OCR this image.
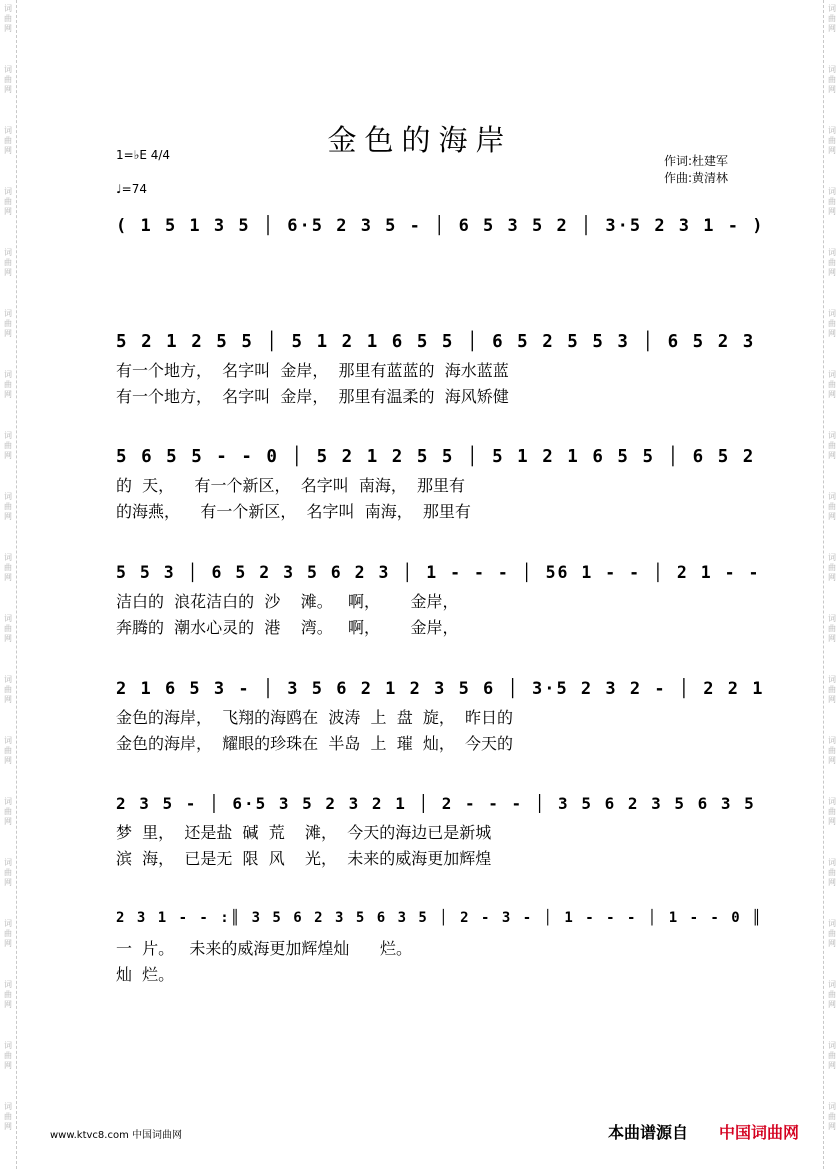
词曲网
词曲网
词曲网
词曲网
词曲网
词曲网
词曲网
词曲网
词曲网
词曲网
词曲网
词曲网
词曲网
词曲网
词曲网
词曲网
词曲网
词曲网
词曲网
词曲网
词曲网
词曲网
词曲网
词曲网
词曲网
词曲网
词曲网
词曲网
词曲网
词曲网
词曲网
词曲网
词曲网
词曲网
词曲网
词曲网
词曲网
词曲网
金色的海岸
1=♭E 4/4
♩=74
作词:杜建军
作曲:黄清林
( 1 5 1 3 5 │ 6·5 2 3 5 - │ 6 5 3 5 2 │ 3·5 2 3 1 - )
5 2 1 2 5 5 │ 5 1 2 1 6 5 5 │ 6 5 2 5 5 3 │ 6 5 2 3
有一个地方，  名字叫  金岸，  那里有蓝蓝的  海水蓝蓝
有一个地方，  名字叫  金岸，  那里有温柔的  海风矫健
5 6 5 5 - - 0 │ 5 2 1 2 5 5 │ 5 1 2 1 6 5 5 │ 6 5 2
的  天，    有一个新区，  名字叫  南海，  那里有
的海燕，    有一个新区，  名字叫  南海，  那里有
5 5 3 │ 6 5 2 3 5 6 2 3 │ 1 - - - │ 56 1 - - │ 2 1 - -
洁白的  浪花洁白的  沙    滩。   啊，      金岸，
奔腾的  潮水心灵的  港    湾。   啊，      金岸，
2 1 6 5 3 - │ 3 5 6 2 1 2 3 5 6 │ 3·5 2 3 2 - │ 2 2 1
金色的海岸，  飞翔的海鸥在  波涛  上  盘  旋，  昨日的
金色的海岸，  耀眼的珍珠在  半岛  上  璀  灿，  今天的
2 3 5 - │ 6·5 3 5 2 3 2 1 │ 2 - - - │ 3 5 6 2 3 5 6 3 5
梦  里，  还是盐  碱  荒    滩，  今天的海边已是新城
滨  海，  已是无  限  风    光，  未来的威海更加辉煌
2 3 1 - - :║ 3 5 6 2 3 5 6 3 5 │ 2 - 3 - │ 1 - - - │ 1 - - 0 ║
一  片。   未来的威海更加辉煌灿      烂。
灿  烂。
www.ktvc8.com 中国词曲网	本曲谱源自 中国词曲网
